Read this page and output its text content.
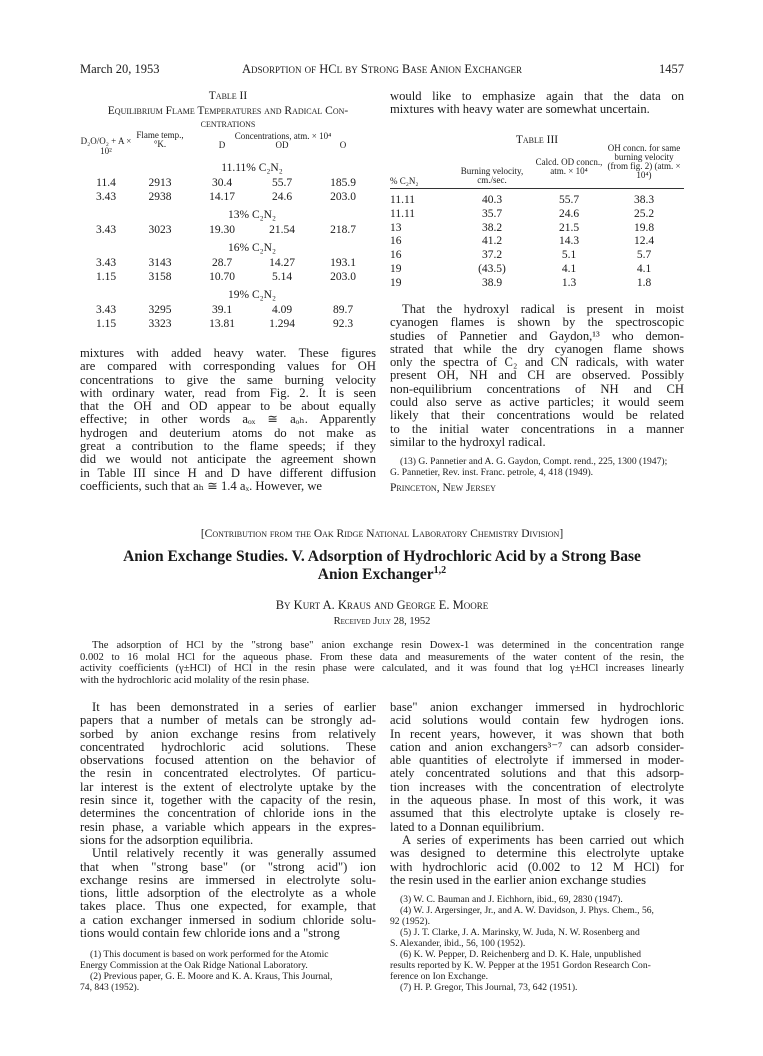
March 20, 1953	Adsorption of HCl by Strong Base Anion Exchanger	1457
Table II
Equilibrium Flame Temperatures and Radical Con-
centrations
D₂O/O₂ + A × 10²
Flame temp., °K.
Concentrations, atm. × 10⁴
D	OD	O
11.11% C₂N₂
11.4	2913	30.4	55.7	185.9
3.43	2938	14.17	24.6	203.0
13% C₂N₂
3.43	3023	19.30	21.54	218.7
16% C₂N₂
3.43	3143	28.7	14.27	193.1
1.15	3158	10.70	5.14	203.0
19% C₂N₂
3.43	3295	39.1	4.09	89.7
1.15	3323	13.81	1.294	92.3
mixtures with added heavy water. These figures
are compared with corresponding values for OH
concentrations to give the same burning velocity
with ordinary water, read from Fig. 2. It is seen
that the OH and OD appear to be about equally
effective; in other words aₒₓ ≅ aₒₕ. Apparently
hydrogen and deuterium atoms do not make as
great a contribution to the flame speeds; if they
did we would not anticipate the agreement shown
in Table III since H and D have different diffusion
coefficients, such that aₕ ≅ 1.4 aₓ. However, we
would like to emphasize again that the data on
mixtures with heavy water are somewhat uncertain.
Table III
% C₂N₂
Burning velocity, cm./sec.
Calcd. OD concn., atm. × 10⁴
OH concn. for same burning velocity (from fig. 2) (atm. × 10⁴)
11.11	40.3	55.7	38.3
11.11	35.7	24.6	25.2
13	38.2	21.5	19.8
16	41.2	14.3	12.4
16	37.2	5.1	5.7
19	(43.5)	4.1	4.1
19	38.9	1.3	1.8
That the hydroxyl radical is present in moist
cyanogen flames is shown by the spectroscopic
studies of Pannetier and Gaydon,¹³ who demon-
strated that while the dry cyanogen flame shows
only the spectra of C₂ and CN radicals, with water
present OH, NH and CH are observed. Possibly
non-equilibrium concentrations of NH and CH
could also serve as active particles; it would seem
likely that their concentrations would be related
to the initial water concentrations in a manner
similar to the hydroxyl radical.
(13) G. Pannetier and A. G. Gaydon, Compt. rend., 225, 1300 (1947);
G. Pannetier, Rev. inst. Franc. petrole, 4, 418 (1949).
Princeton, New Jersey
[Contribution from the Oak Ridge National Laboratory Chemistry Division]
Anion Exchange Studies. V. Adsorption of Hydrochloric Acid by a Strong Base
Anion Exchanger$^{1,2}$
By Kurt A. Kraus and George E. Moore
Received July 28, 1952
The adsorption of HCl by the "strong base" anion exchange resin Dowex-1 was determined in the concentration range
0.002 to 16 molal HCl for the aqueous phase. From these data and measurements of the water content of the resin, the
activity coefficients (γ±HCl) of HCl in the resin phase were calculated, and it was found that log γ±HCl increases linearly
with the hydrochloric acid molality of the resin phase.
It has been demonstrated in a series of earlier
papers that a number of metals can be strongly ad-
sorbed by anion exchange resins from relatively
concentrated hydrochloric acid solutions. These
observations focused attention on the behavior of
the resin in concentrated electrolytes. Of particu-
lar interest is the extent of electrolyte uptake by the
resin since it, together with the capacity of the resin,
determines the concentration of chloride ions in the
resin phase, a variable which appears in the expres-
sions for the adsorption equilibria.
Until relatively recently it was generally assumed
that when "strong base" (or "strong acid") ion
exchange resins are immersed in electrolyte solu-
tions, little adsorption of the electrolyte as a whole
takes place. Thus one expected, for example, that
a cation exchanger inmersed in sodium chloride solu-
tions would contain few chloride ions and a "strong
(1) This document is based on work performed for the Atomic
Energy Commission at the Oak Ridge National Laboratory.
(2) Previous paper, G. E. Moore and K. A. Kraus, This Journal,
74, 843 (1952).
base" anion exchanger immersed in hydrochloric
acid solutions would contain few hydrogen ions.
In recent years, however, it was shown that both
cation and anion exchangers³⁻⁷ can adsorb consider-
able quantities of electrolyte if immersed in moder-
ately concentrated solutions and that this adsorp-
tion increases with the concentration of electrolyte
in the aqueous phase. In most of this work, it was
assumed that this electrolyte uptake is closely re-
lated to a Donnan equilibrium.
A series of experiments has been carried out which
was designed to determine this electrolyte uptake
with hydrochloric acid (0.002 to 12 M HCl) for
the resin used in the earlier anion exchange studies
(3) W. C. Bauman and J. Eichhorn, ibid., 69, 2830 (1947).
(4) W. J. Argersinger, Jr., and A. W. Davidson, J. Phys. Chem., 56,
92 (1952).
(5) J. T. Clarke, J. A. Marinsky, W. Juda, N. W. Rosenberg and
S. Alexander, ibid., 56, 100 (1952).
(6) K. W. Pepper, D. Reichenberg and D. K. Hale, unpublished
results reported by K. W. Pepper at the 1951 Gordon Research Con-
ference on Ion Exchange.
(7) H. P. Gregor, This Journal, 73, 642 (1951).
